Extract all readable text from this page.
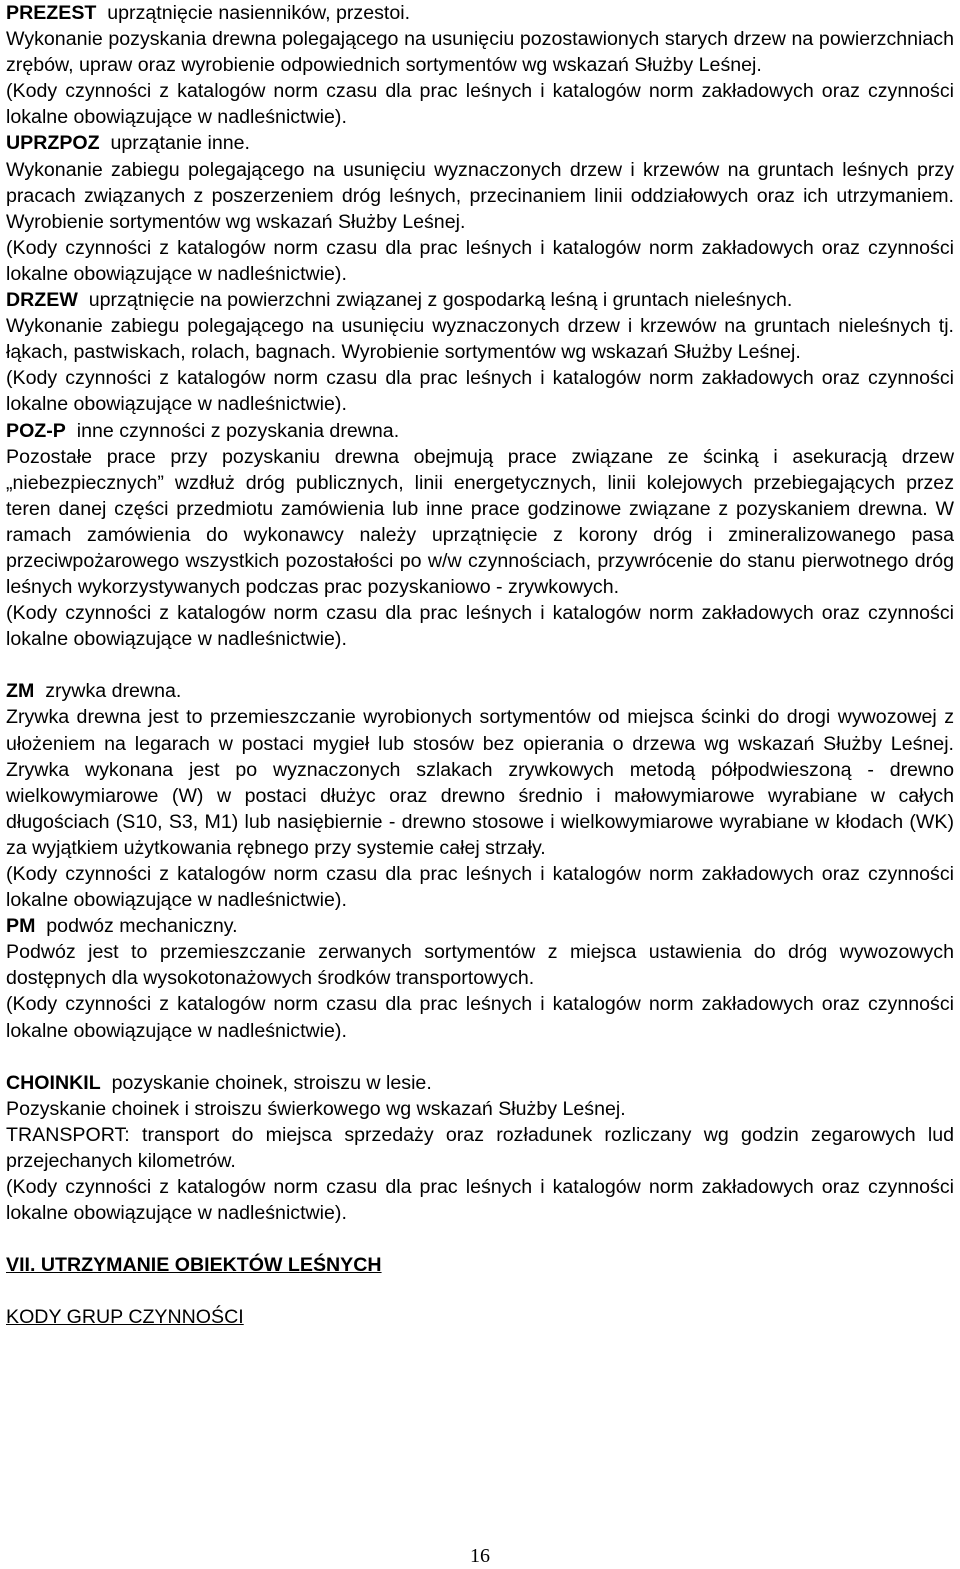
PREZEST uprzątnięcie nasienników, przestoi.

Wykonanie pozyskania drewna polegającego na usunięciu pozostawionych starych drzew na powierzchniach zrębów, upraw oraz wyrobienie odpowiednich sortymentów wg wskazań Służby Leśnej.

(Kody czynności z katalogów norm czasu dla prac leśnych i katalogów norm zakładowych oraz czynności lokalne obowiązujące w nadleśnictwie).

UPRZPOZ uprzątanie inne.

Wykonanie zabiegu polegającego na usunięciu wyznaczonych drzew i krzewów na gruntach leśnych przy pracach związanych z poszerzeniem dróg leśnych, przecinaniem linii oddziałowych oraz ich utrzymaniem. Wyrobienie sortymentów wg wskazań Służby Leśnej.

(Kody czynności z katalogów norm czasu dla prac leśnych i katalogów norm zakładowych oraz czynności lokalne obowiązujące w nadleśnictwie).

DRZEW uprzątnięcie na powierzchni związanej z gospodarką leśną i gruntach nieleśnych.

Wykonanie zabiegu polegającego na usunięciu wyznaczonych drzew i krzewów na gruntach nieleśnych tj. łąkach, pastwiskach, rolach, bagnach. Wyrobienie sortymentów wg wskazań Służby Leśnej.

(Kody czynności z katalogów norm czasu dla prac leśnych i katalogów norm zakładowych oraz czynności lokalne obowiązujące w nadleśnictwie).

POZ-P inne czynności z pozyskania drewna.

Pozostałe prace przy pozyskaniu drewna obejmują prace związane ze ścinką i asekuracją drzew „niebezpiecznych” wzdłuż dróg publicznych, linii energetycznych, linii kolejowych przebiegających przez teren danej części przedmiotu zamówienia lub inne prace godzinowe związane z pozyskaniem drewna. W ramach zamówienia do wykonawcy należy uprzątnięcie z korony dróg i zmineralizowanego pasa przeciwpożarowego wszystkich pozostałości po w/w czynnościach, przywrócenie do stanu pierwotnego dróg leśnych wykorzystywanych podczas prac pozyskaniowo - zrywkowych.

(Kody czynności z katalogów norm czasu dla prac leśnych i katalogów norm zakładowych oraz czynności lokalne obowiązujące w nadleśnictwie).

ZM zrywka drewna.

Zrywka drewna jest to przemieszczanie wyrobionych sortymentów od miejsca ścinki do drogi wywozowej z ułożeniem na legarach w postaci mygieł lub stosów bez opierania o drzewa wg wskazań Służby Leśnej. Zrywka wykonana jest po wyznaczonych szlakach zrywkowych metodą półpodwieszoną - drewno wielkowymiarowe (W) w postaci dłużyc oraz drewno średnio i małowymiarowe wyrabiane w całych długościach (S10, S3, M1) lub nasiębiernie - drewno stosowe i wielkowymiarowe wyrabiane w kłodach (WK) za wyjątkiem użytkowania rębnego przy systemie całej strzały.

(Kody czynności z katalogów norm czasu dla prac leśnych i katalogów norm zakładowych oraz czynności lokalne obowiązujące w nadleśnictwie).

PM podwóz mechaniczny.

Podwóz jest to przemieszczanie zerwanych sortymentów z miejsca ustawienia do dróg wywozowych dostępnych dla wysokotonażowych środków transportowych.

(Kody czynności z katalogów norm czasu dla prac leśnych i katalogów norm zakładowych oraz czynności lokalne obowiązujące w nadleśnictwie).

CHOINKIL pozyskanie choinek, stroiszu w lesie.

Pozyskanie choinek i stroiszu świerkowego wg wskazań Służby Leśnej.

TRANSPORT: transport do miejsca sprzedaży oraz rozładunek rozliczany wg godzin zegarowych lud przejechanych kilometrów.

(Kody czynności z katalogów norm czasu dla prac leśnych i katalogów norm zakładowych oraz czynności lokalne obowiązujące w nadleśnictwie).

VII. UTRZYMANIE OBIEKTÓW LEŚNYCH

KODY GRUP CZYNNOŚCI

16
